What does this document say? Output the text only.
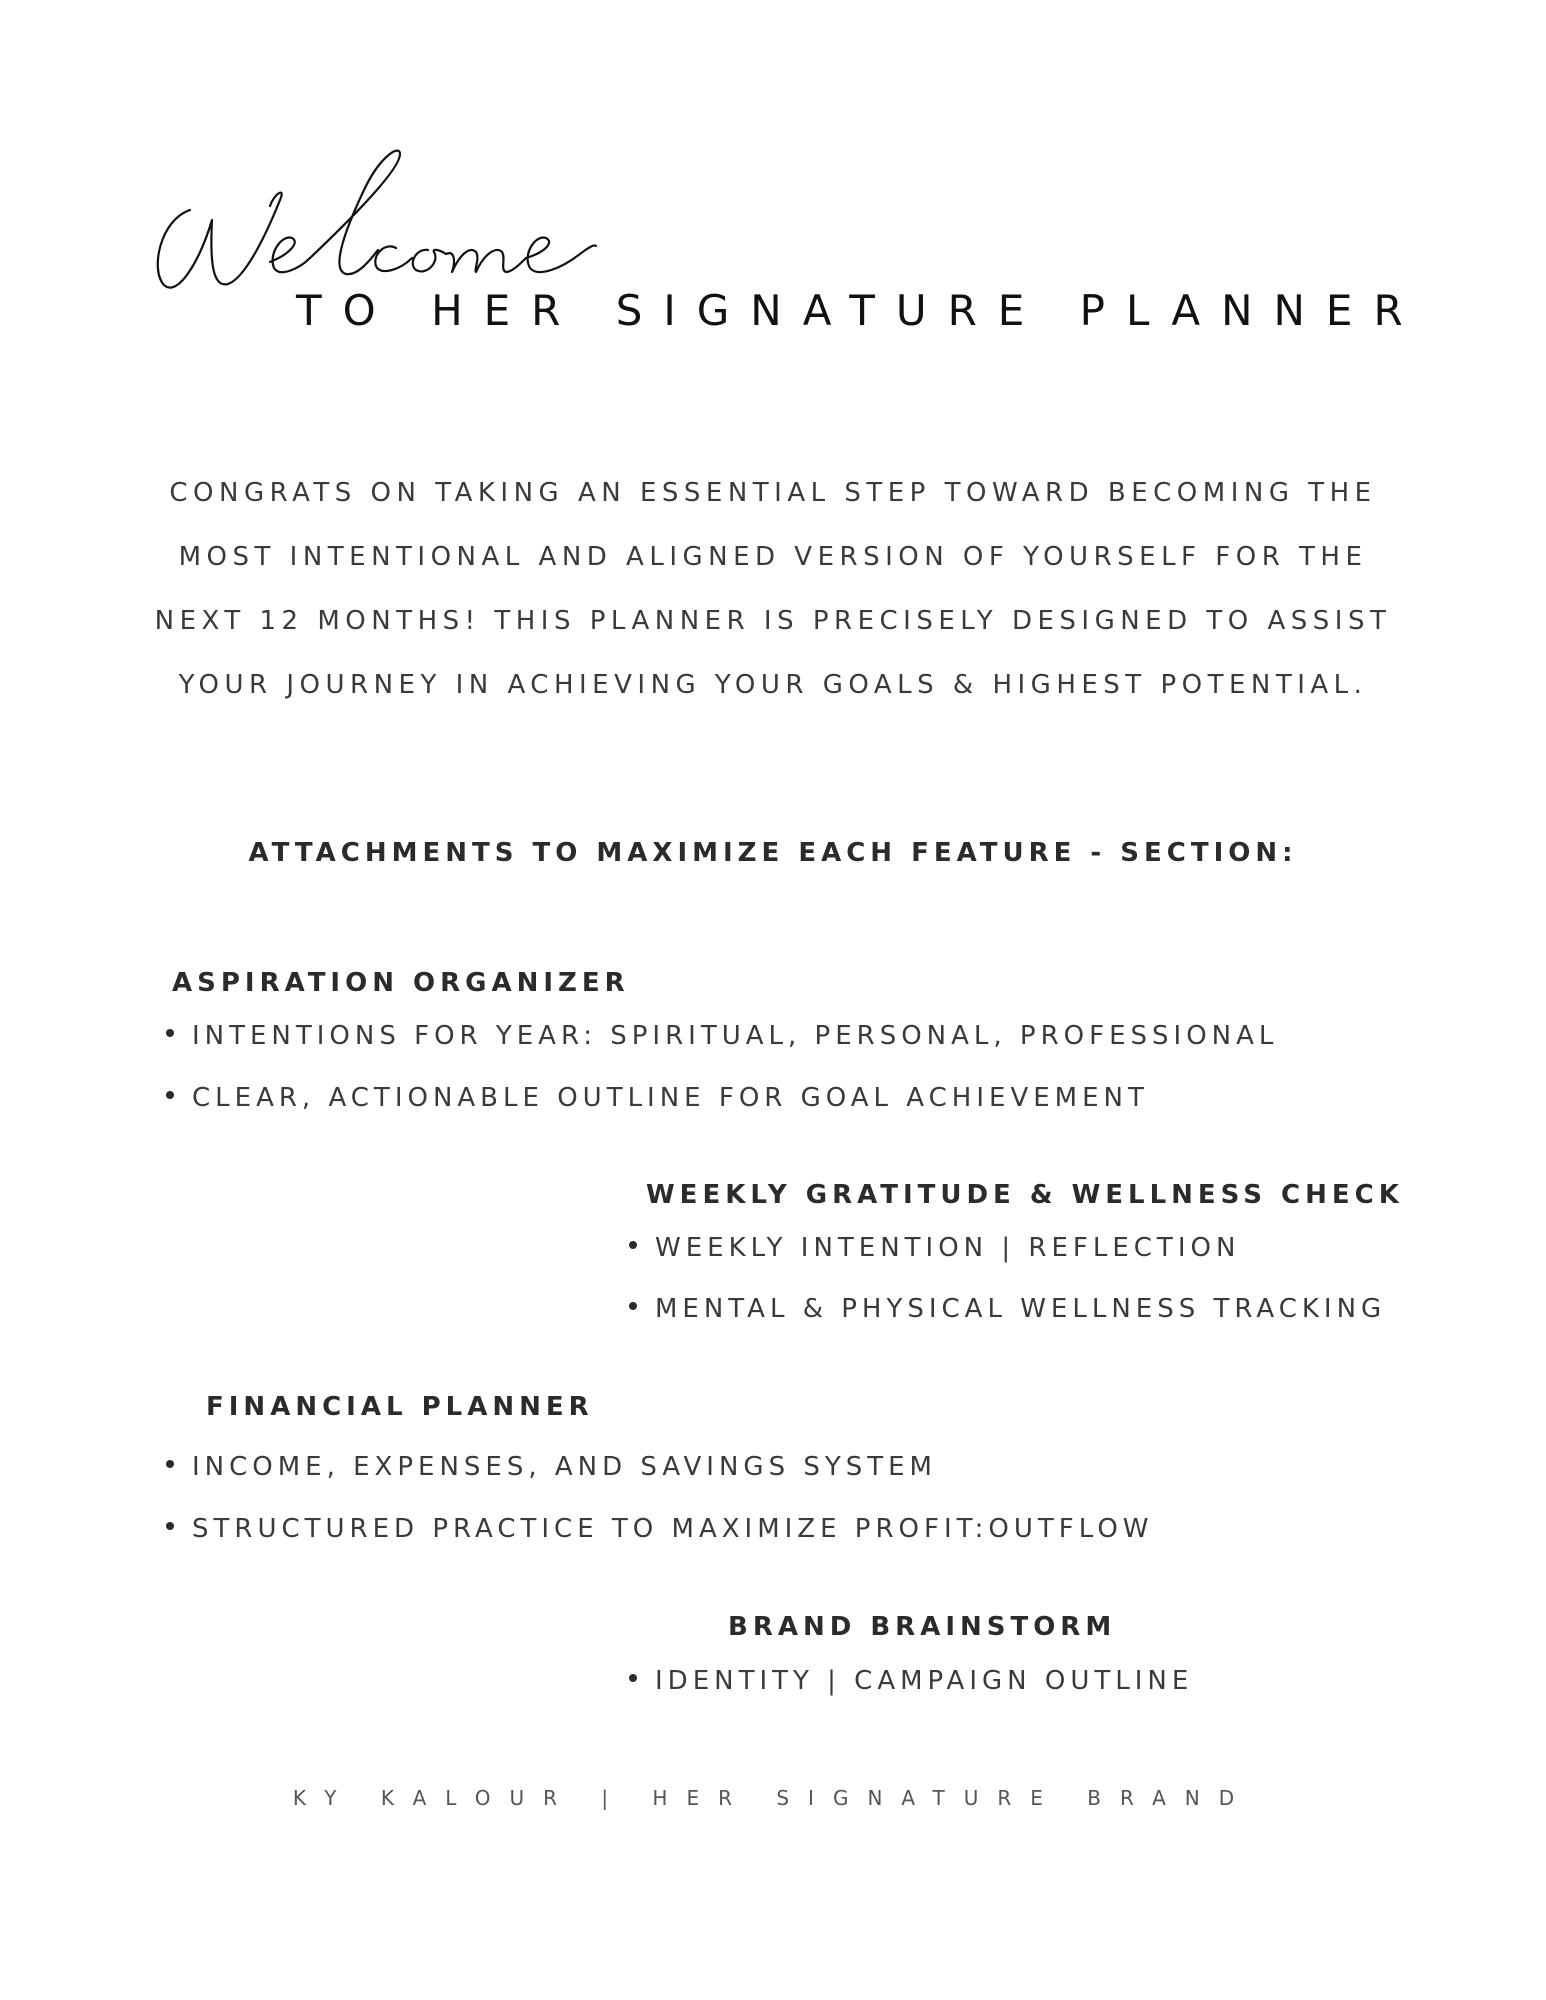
TO HER SIGNATURE PLANNER
CONGRATS ON TAKING AN ESSENTIAL STEP TOWARD BECOMING THE
MOST INTENTIONAL AND ALIGNED VERSION OF YOURSELF FOR THE
NEXT 12 MONTHS! THIS PLANNER IS PRECISELY DESIGNED TO ASSIST
YOUR JOURNEY IN ACHIEVING YOUR GOALS & HIGHEST POTENTIAL.
ATTACHMENTS TO MAXIMIZE EACH FEATURE - SECTION:
ASPIRATION ORGANIZER
INTENTIONS FOR YEAR: SPIRITUAL, PERSONAL, PROFESSIONAL
CLEAR, ACTIONABLE OUTLINE FOR GOAL ACHIEVEMENT
WEEKLY GRATITUDE & WELLNESS CHECK
WEEKLY INTENTION | REFLECTION
MENTAL & PHYSICAL WELLNESS TRACKING
FINANCIAL PLANNER
INCOME, EXPENSES, AND SAVINGS SYSTEM
STRUCTURED PRACTICE TO MAXIMIZE PROFIT:OUTFLOW
BRAND BRAINSTORM
IDENTITY | CAMPAIGN OUTLINE
KY KALOUR | HER SIGNATURE BRAND
